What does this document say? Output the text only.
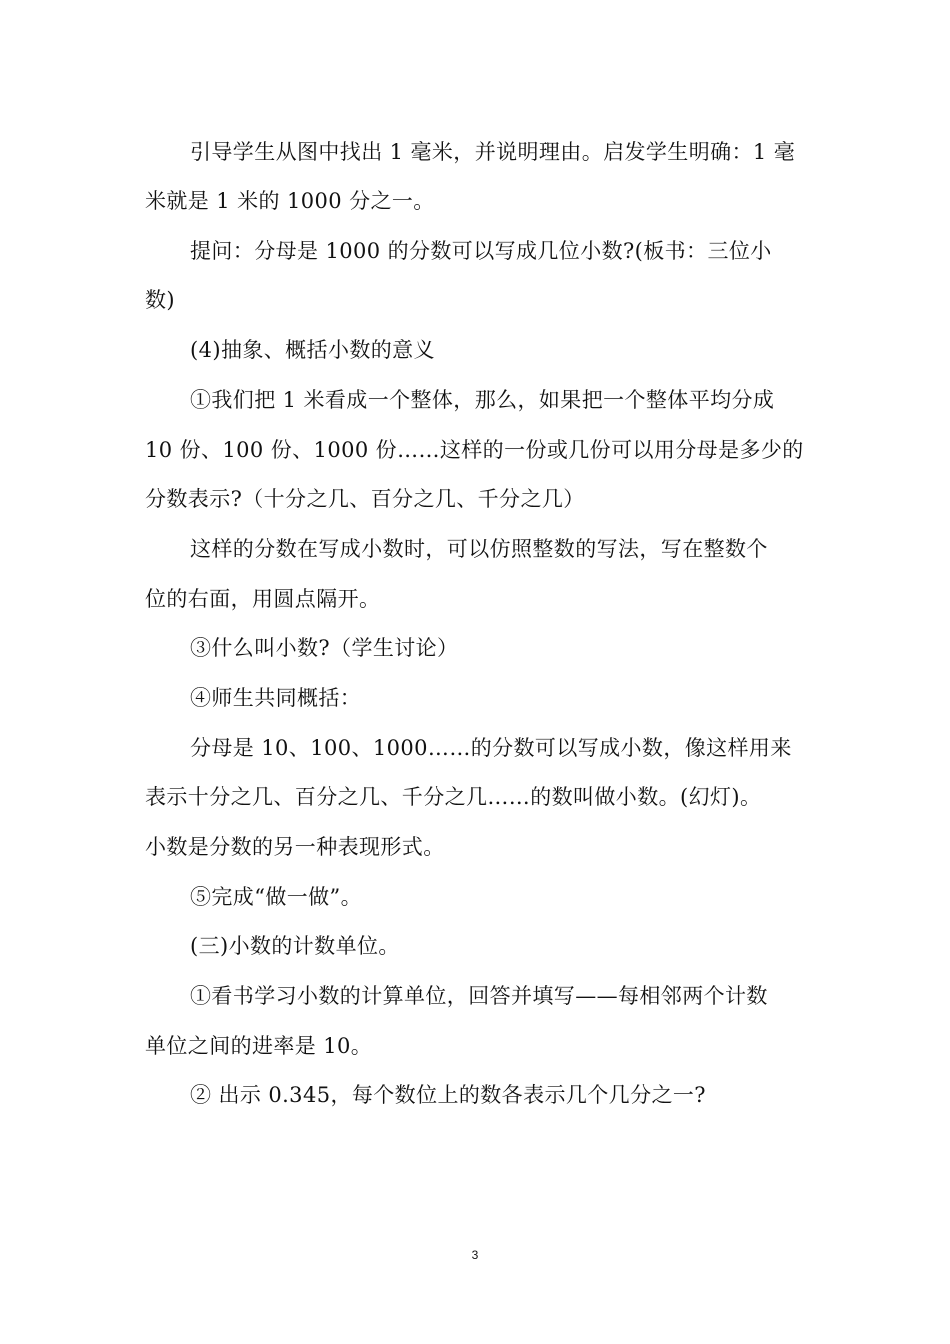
引导学生从图中找出 1 毫米，并说明理由。启发学生明确：1 毫
米就是 1 米的 1000 分之一。
提问：分母是 1000 的分数可以写成几位小数?(板书：三位小
数)
(4)抽象、概括小数的意义
①我们把 1 米看成一个整体，那么，如果把一个整体平均分成
10 份、100 份、1000 份……这样的一份或几份可以用分母是多少的
分数表示?（十分之几、百分之几、千分之几）
这样的分数在写成小数时，可以仿照整数的写法，写在整数个
位的右面，用圆点隔开。
③什么叫小数?（学生讨论）
④师生共同概括：
分母是 10、100、1000……的分数可以写成小数，像这样用来
表示十分之几、百分之几、千分之几……的数叫做小数。(幻灯)。
小数是分数的另一种表现形式。
⑤完成“做一做”。
(三)小数的计数单位。
①看书学习小数的计算单位，回答并填写——每相邻两个计数
单位之间的进率是 10。
② 出示 0.345，每个数位上的数各表示几个几分之一?
3
